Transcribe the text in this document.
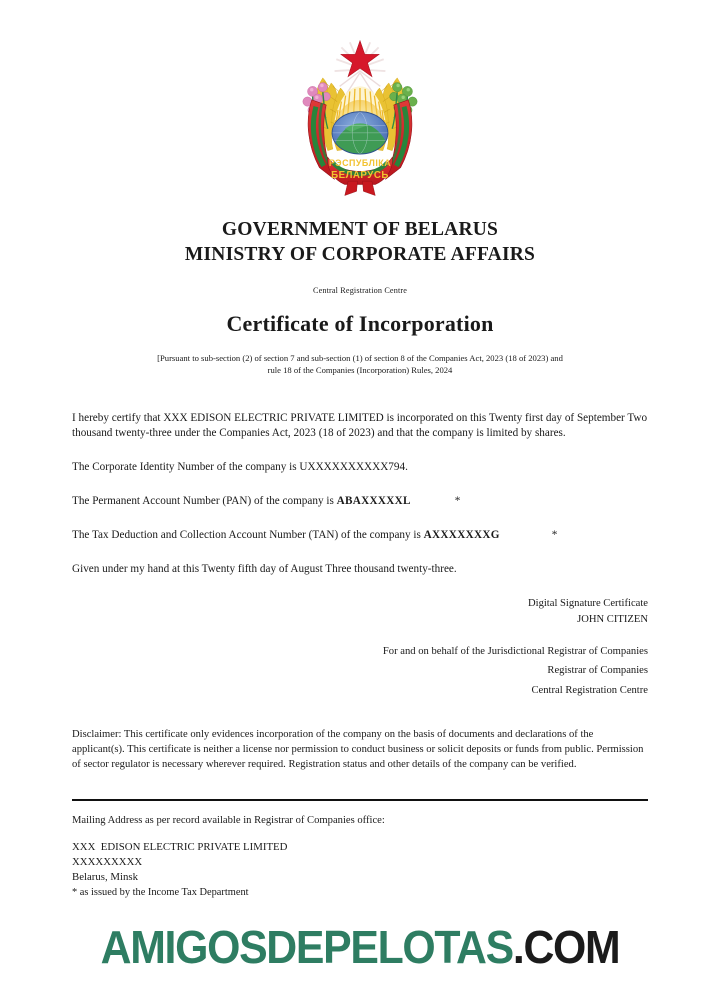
РЭСПУБЛІКА
БЕЛАРУСЬ
GOVERNMENT OF BELARUS
MINISTRY OF CORPORATE AFFAIRS
Central Registration Centre
Certificate of Incorporation
[Pursuant to sub-section (2) of section 7 and sub-section (1) of section 8 of the Companies Act, 2023 (18 of 2023) and
rule 18 of the Companies (Incorporation) Rules, 2024

I hereby certify that XXX EDISON ELECTRIC PRIVATE LIMITED is incorporated on this Twenty first day of September Two thousand twenty-three under the Companies Act, 2023 (18 of 2023) and that the company is limited by shares.

The Corporate Identity Number of the company is UXXXXXXXXXX794.

The Permanent Account Number (PAN) of the company is ABAXXXXXL	*

The Tax Deduction and Collection Account Number (TAN) of the company is AXXXXXXXG	*

Given under my hand at this Twenty fifth day of August Three thousand twenty-three.

Digital Signature Certificate
JOHN CITIZEN
For and on behalf of the Jurisdictional Registrar of Companies
Registrar of Companies
Central Registration Centre
Disclaimer: This certificate only evidences incorporation of the company on the basis of documents and declarations of the applicant(s). This certificate is neither a license nor permission to conduct business or solicit deposits or funds from public. Permission of sector regulator is necessary wherever required. Registration status and other details of the company can be verified.
Mailing Address as per record available in Registrar of Companies office:
XXX  EDISON ELECTRIC PRIVATE LIMITED
XXXXXXXXX
Belarus, Minsk
* as issued by the Income Tax Department
AMIGOSDEPELOTAS.COM
